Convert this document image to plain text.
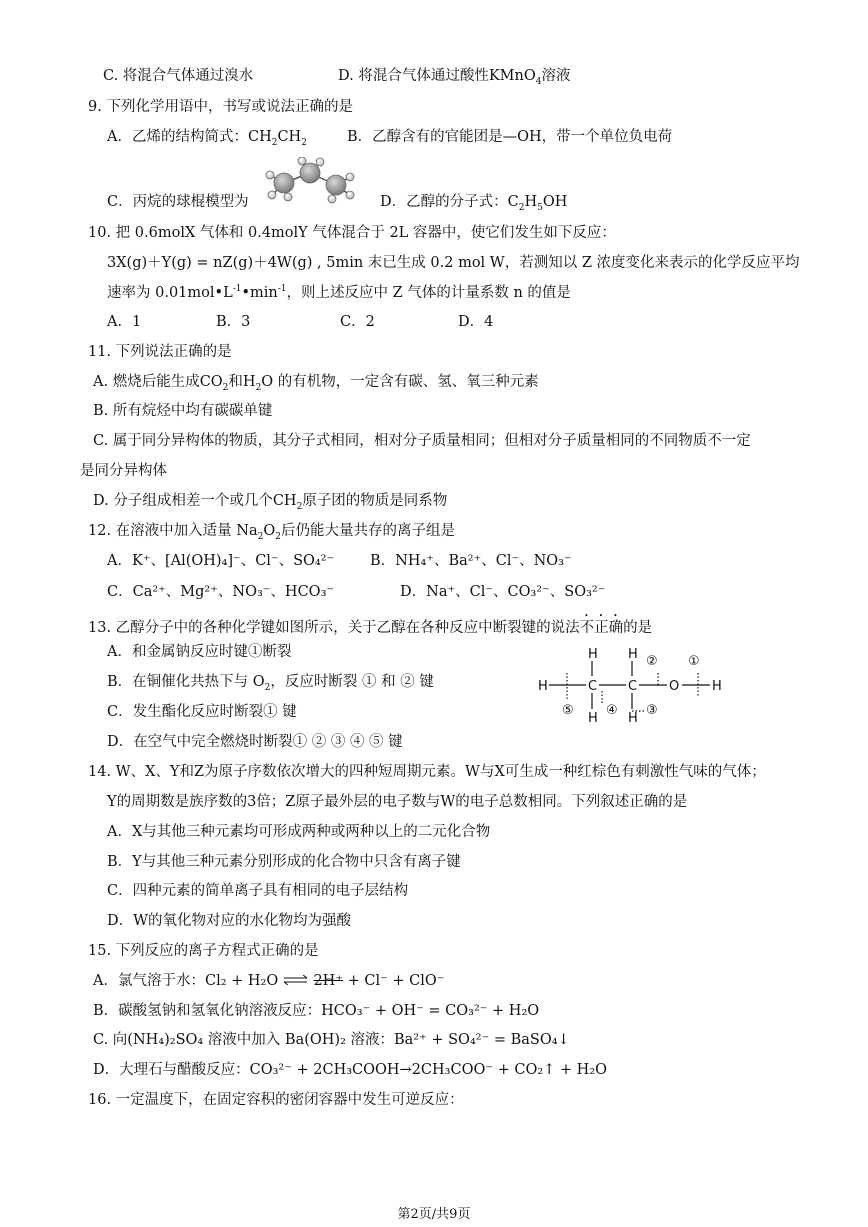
C. 将混合气体通过溴水	D. 将混合气体通过酸性KMnO$_4$溶液
9. 下列化学用语中，书写或说法正确的是
A．乙烯的结构简式：$CH_2CH_2$	B．乙醇含有的官能团是—OH，带一个单位负电荷
C．丙烷的球棍模型为	D．乙醇的分子式：$C_2H_5OH$
10. 把 0.6molX 气体和 0.4molY 气体混合于 2L 容器中，使它们发生如下反应：
3X(g)＋Y(g) = nZ(g)＋4W(g) , 5min 末已生成 0.2 mol W，若测知以 Z 浓度变化来表示的化学反应平均
速率为 $0.01mol•L^{-1}•\min^{-1}$，则上述反应中 Z 气体的计量系数 n 的值是
A．1	B．3	C．2	D．4
11. 下列说法正确的是
A. 燃烧后能生成$CO_2$和$H_2O$ 的有机物，一定含有碳、氢、氧三种元素
B. 所有烷烃中均有碳碳单键
C. 属于同分异构体的物质，其分子式相同，相对分子质量相同；但相对分子质量相同的不同物质不一定
是同分异构体
D. 分子组成相差一个或几个$CH_2$原子团的物质是同系物
12. 在溶液中加入适量 $Na_2O_2$后仍能大量共存的离子组是
A．K⁺、[Al(OH)₄]⁻、Cl⁻、SO₄²⁻ B．NH₄⁺、Ba²⁺、Cl⁻、NO₃⁻
C．Ca²⁺、Mg²⁺、NO₃⁻、HCO₃⁻	D．Na⁺、Cl⁻、CO₃²⁻、SO₃²⁻
13. 乙醇分子中的各种化学键如图所示，关于乙醇在各种反应中断裂键的说法不正确的是
A．和金属钠反应时键①断裂
B．在铜催化共热下与 $O_2$，反应时断裂 ① 和 ② 键
C．发生酯化反应时断裂① 键
D．在空气中完全燃烧时断裂① ② ③ ④ ⑤ 键
H
H
C
H
H
C
H
O	H
①
②
③
④
⑤
14. W、X、Y和Z为原子序数依次增大的四种短周期元素。W与X可生成一种红棕色有刺激性气味的气体；
Y的周期数是族序数的3倍；Z原子最外层的电子数与W的电子总数相同。下列叙述正确的是
A．X与其他三种元素均可形成两种或两种以上的二元化合物
B．Y与其他三种元素分别形成的化合物中只含有离子键
C．四种元素的简单离子具有相同的电子层结构
D．W的氧化物对应的水化物均为强酸
15. 下列反应的离子方程式正确的是
A．氯气溶于水：Cl₂ + H₂O ⇌ 2H⁺ + Cl⁻ + ClO⁻
B．碳酸氢钠和氢氧化钠溶液反应：HCO₃⁻ + OH⁻ = CO₃²⁻ + H₂O
C. 向(NH₄)₂SO₄ 溶液中加入 Ba(OH)₂ 溶液：Ba²⁺ + SO₄²⁻ = BaSO₄↓
D．大理石与醋酸反应：CO₃²⁻ + 2CH₃COOH→2CH₃COO⁻ + CO₂↑ + H₂O
16. 一定温度下，在固定容积的密闭容器中发生可逆反应：
第2页/共9页
